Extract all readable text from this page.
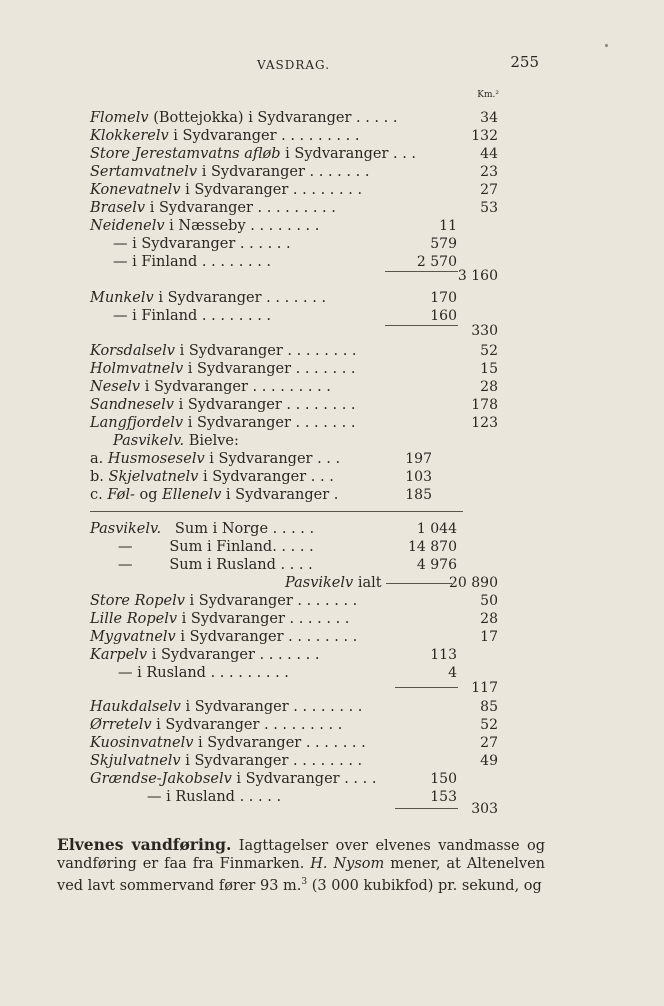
VASDRAG.	255
Km.²
Flomelv (Bottejokka) i Sydvaranger . . . . .	34
Klokkerelv i Sydvaranger . . . . . . . . .	132
Store Jerestamvatns afløb i Sydvaranger . . .	44
Sertamvatnelv i Sydvaranger . . . . . . .	23
Konevatnelv i Sydvaranger . . . . . . . .	27
Braselv i Sydvaranger . . . . . . . . .	53
Neidenelv i Næsseby . . . . . . . .	11
— i Sydvaranger . . . . . .	579
— i Finland . . . . . . . .	2 570
3 160
Munkelv i Sydvaranger . . . . . . .	170
— i Finland . . . . . . . .	160
330
Korsdalselv i Sydvaranger . . . . . . . .	52
Holmvatnelv i Sydvaranger . . . . . . .	15
Neselv i Sydvaranger . . . . . . . . .	28
Sandneselv i Sydvaranger . . . . . . . .	178
Langfjordelv i Sydvaranger . . . . . . .	123
Pasvikelv. Bielve:
a. Husmoseselv i Sydvaranger . . .	197
b. Skjelvatnelv i Sydvaranger . . .	103
c. Føl- og Ellenelv i Sydvaranger .	185
Pasvikelv.   Sum i Norge . . . . .	1 044
—        Sum i Finland. . . . .	14 870
—        Sum i Rusland . . . .	4 976
Pasvikelv ialt	20 890
Store Ropelv i Sydvaranger . . . . . . .	50
Lille Ropelv i Sydvaranger . . . . . . .	28
Mygvatnelv i Sydvaranger . . . . . . . .	17
Karpelv i Sydvaranger . . . . . . .	113
— i Rusland . . . . . . . . .	4
117
Haukdalselv i Sydvaranger . . . . . . . .	85
Ørretelv i Sydvaranger . . . . . . . . .	52
Kuosinvatnelv i Sydvaranger . . . . . . .	27
Skjulvatnelv i Sydvaranger . . . . . . . .	49
Grændse-Jakobselv i Sydvaranger . . . .	150
— i Rusland . . . . .	153
303
Elvenes vandføring. Iagttagelser over elvenes vandmasse og vandføring er faa fra Finmarken. H. Nysom mener, at Altenelven ved lavt sommervand fører 93 m.$^3$ (3 000 kubikfod) pr. sekund, og
